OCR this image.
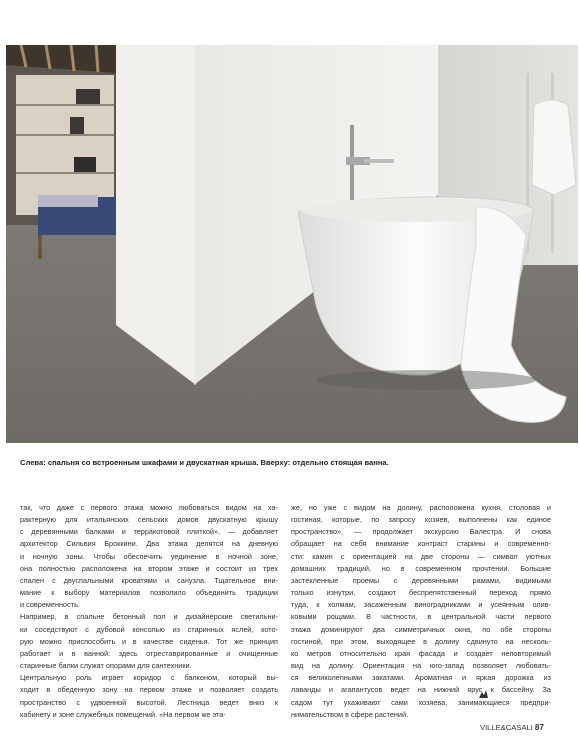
Слева: спальня со встроенным шкафами и двускатная крыша. Вверху: отдельно стоящая ванна.

так, что даже с первого этажа можно любоваться видом на ха-

рактерную для итальянских сельских домов двускатную крышу

с деревянными балками и терракотовой плиткой», — добавляет

архитектор Сильвия Броккини. Два этажа делятся на дневную

и ночную зоны. Чтобы обеспечить уединение в ночной зоне,

она полностью расположена на втором этаже и состоит из трех

спален с двуспальными кроватями и санузла. Тщательное вни-

мание к выбору материалов позволило объединить традиции

и современность.

Например, в спальне бетонный пол и дизайнерские светильни-

ки соседствуют с дубовой консолью из старинных яслей, кото-

рую можно приспособить и в качестве сиденья. Тот же принцип

работает и в ванной: здесь отреставрированные и очищенные

старинные балки служат опорами для сантехники.

Центральную роль играет коридор с балконом, который вы-

ходит в обеденную зону на первом этаже и позволяет создать

пространство с удвоенной высотой. Лестница ведет вниз к

кабинету и зоне служебных помещений. «На первом же эта-

же, но уже с видом на долину, расположена кухня, столовая и

гостиная, которые, по запросу хозяев, выполнены как единое

пространство», — продолжает экскурсию Балестра. И снова

обращает на себя внимание контраст старины и современно-

сти: камин с ориентацией на две стороны — символ уютных

домашних традиций, но в современном прочтении. Большие

застекленные проемы с деревянными рамами, видимыми

только изнутри, создают беспрепятственный переход прямо

туда, к холмам, засаженным виноградниками и усеянным олив-

ковыми рощами. В частности, в центральной части первого

этажа доминируют два симметричных окна, по обе стороны

гостиной, при этом, выходящее в долину сдвинуто на несколь-

ко метров относительно края фасада и создает неповторимый

вид на долину. Ориентация на юго-запад позволяет любовать-

ся великолепными закатами. Ароматная и яркая дорожка из

лаванды и агапантусов ведет на нижний ярус к бассейну. За

садом тут ухаживают сами хозяева, занимающиеся предпри-

нимательством в сфере растений.

VILLE&CASALI 87
